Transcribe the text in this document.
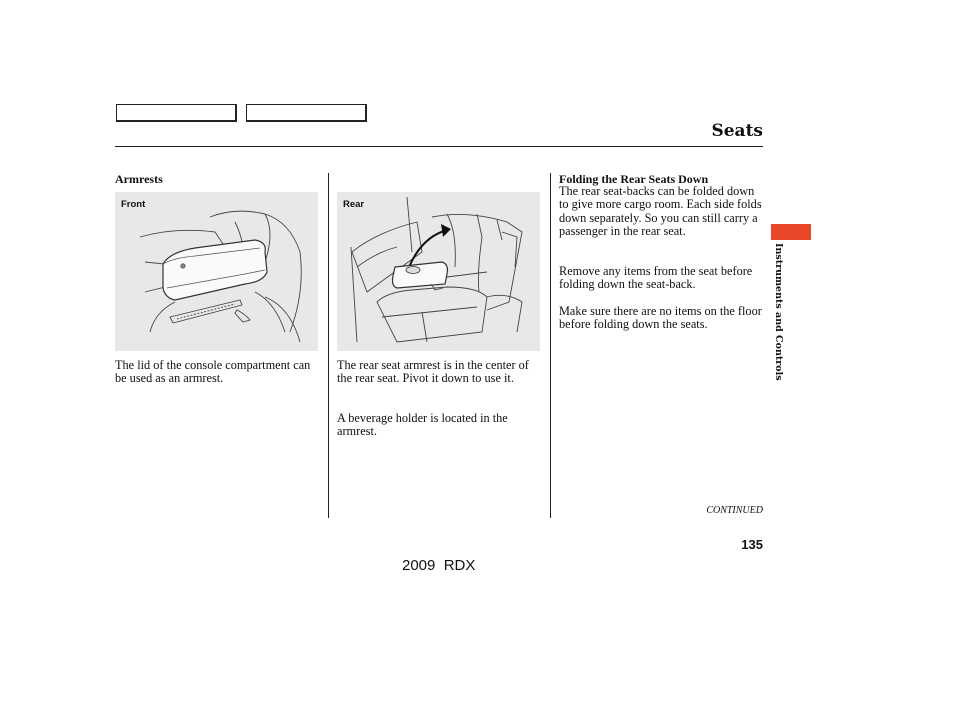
Seats
Armrests
Front

The lid of the console compartment can be used as an armrest.

Rear

The rear seat armrest is in the center of the rear seat. Pivot it down to use it.

A beverage holder is located in the armrest.

Folding the Rear Seats Down

The rear seat-backs can be folded down to give more cargo room. Each side folds down separately. So you can still carry a passenger in the rear seat.

Remove any items from the seat before folding down the seat-back.

Make sure there are no items on the floor before folding down the seats.

CONTINUED
Instruments and Controls
135
2009  RDX
